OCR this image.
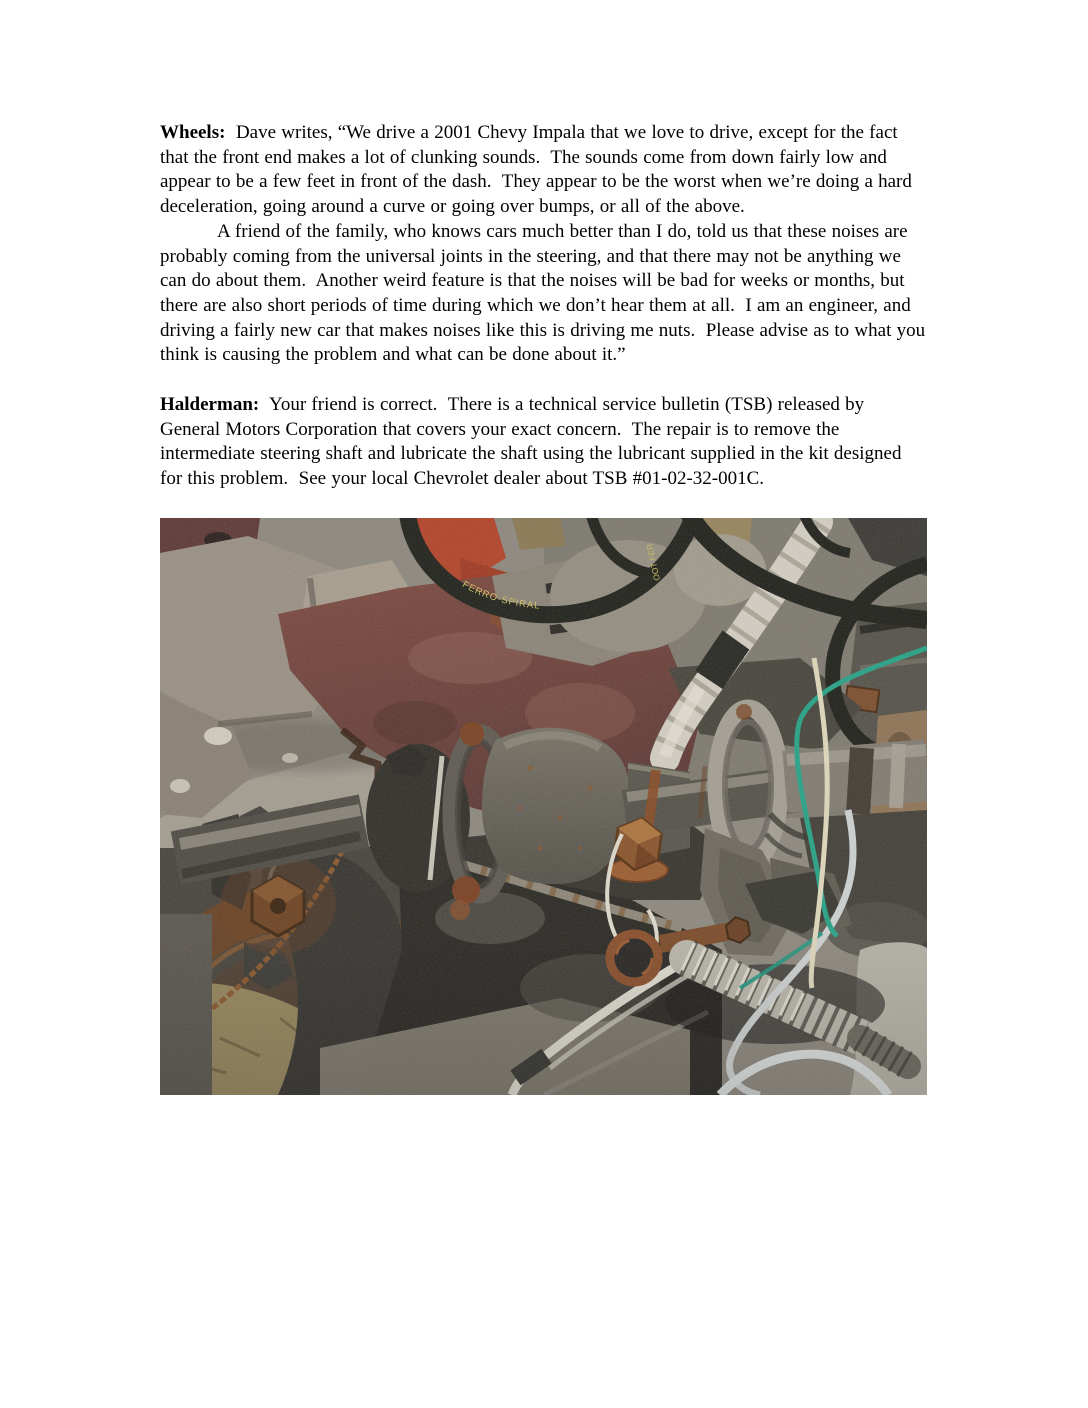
Wheels:  Dave writes, “We drive a 2001 Chevy Impala that we love to drive, except for the fact that the front end makes a lot of clunking sounds.  The sounds come from down fairly low and appear to be a few feet in front of the dash.  They appear to be the worst when we’re doing a hard deceleration, going around a curve or going over bumps, or all of the above.

A friend of the family, who knows cars much better than I do, told us that these noises are probably coming from the universal joints in the steering, and that there may not be anything we can do about them.  Another weird feature is that the noises will be bad for weeks or months, but there are also short periods of time during which we don’t hear them at all.  I am an engineer, and driving a fairly new car that makes noises like this is driving me nuts.  Please advise as to what you think is causing the problem and what can be done about it.”

Halderman:  Your friend is correct.  There is a technical service bulletin (TSB) released by General Motors Corporation that covers your exact concern.  The repair is to remove the intermediate steering shaft and lubricate the shaft using the lubricant supplied in the kit designed for this problem.  See your local Chevrolet dealer about TSB #01-02-32-001C.
